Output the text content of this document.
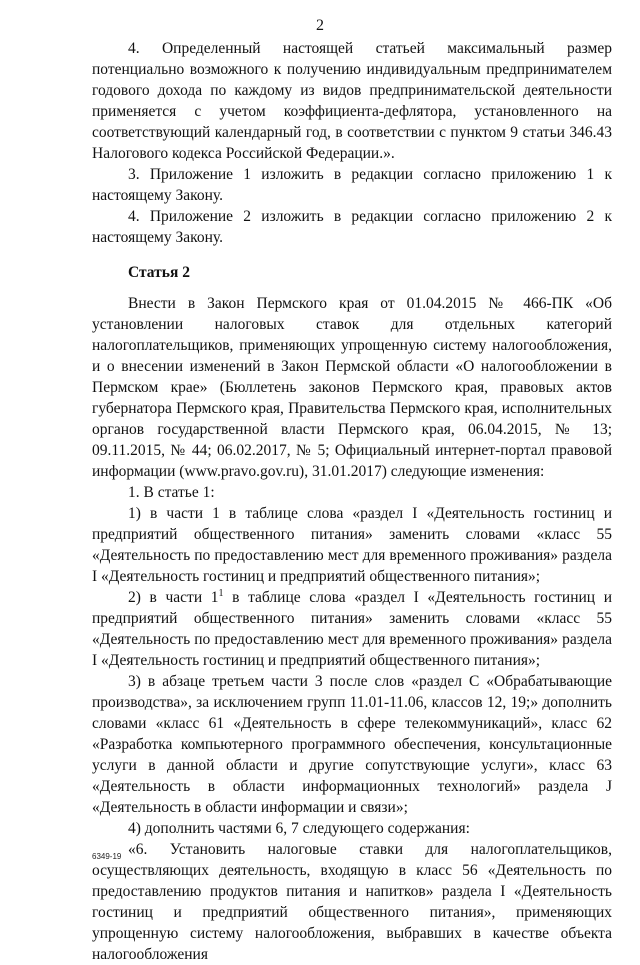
2

4. Определенный настоящей статьей максимальный размер потенциально возможного к получению индивидуальным предпринимателем годового дохода по каждому из видов предпринимательской деятельности применяется с учетом коэффициента-дефлятора, установленного на соответствующий календарный год, в соответствии с пунктом 9 статьи 346.43 Налогового кодекса Российской Федерации.».

3. Приложение 1 изложить в редакции согласно приложению 1 к настоящему Закону.

4. Приложение 2 изложить в редакции согласно приложению 2 к настоящему Закону.

Статья 2

Внести в Закон Пермского края от 01.04.2015 № 466-ПК «Об установлении налоговых ставок для отдельных категорий налогоплательщиков, применяющих упрощенную систему налогообложения, и о внесении изменений в Закон Пермской области «О налогообложении в Пермском крае» (Бюллетень законов Пермского края, правовых актов губернатора Пермского края, Правительства Пермского края, исполнительных органов государственной власти Пермского края, 06.04.2015, № 13; 09.11.2015, № 44; 06.02.2017, № 5; Официальный интернет-портал правовой информации (www.pravo.gov.ru), 31.01.2017) следующие изменения:

1. В статье 1:

1) в части 1 в таблице слова «раздел I «Деятельность гостиниц и предприятий общественного питания» заменить словами «класс 55 «Деятельность по предоставлению мест для временного проживания» раздела I «Деятельность гостиниц и предприятий общественного питания»;

2) в части $1^1$ в таблице слова «раздел I «Деятельность гостиниц и предприятий общественного питания» заменить словами «класс 55 «Деятельность по предоставлению мест для временного проживания» раздела I «Деятельность гостиниц и предприятий общественного питания»;

3) в абзаце третьем части 3 после слов «раздел С «Обрабатывающие производства», за исключением групп 11.01-11.06, классов 12, 19;» дополнить словами «класс 61 «Деятельность в сфере телекоммуникаций», класс 62 «Разработка компьютерного программного обеспечения, консультационные услуги в данной области и другие сопутствующие услуги», класс 63 «Деятельность в области информационных технологий» раздела J «Деятельность в области информации и связи»;

4) дополнить частями 6, 7 следующего содержания:

«6. Установить налоговые ставки для налогоплательщиков, осуществляющих деятельность, входящую в класс 56 «Деятельность по предоставлению продуктов питания и напитков» раздела I «Деятельность гостиниц и предприятий общественного питания», применяющих упрощенную систему налогообложения, выбравших в качестве объекта налогообложения

6349-19
